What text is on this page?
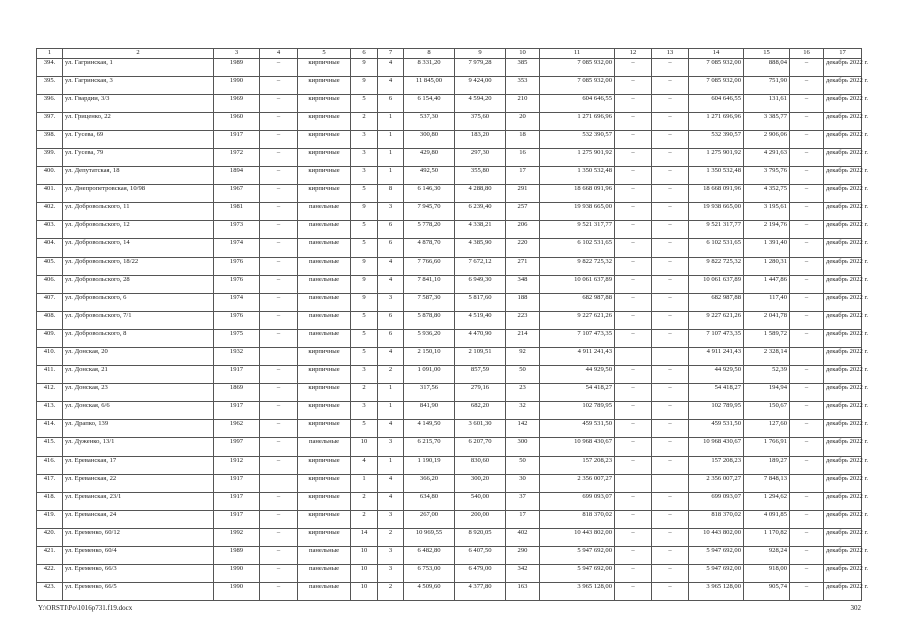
1	2	3	4	5	6	7	8	9	10	11	12	13	14	15	16	17
394.	ул. Гагринская, 1	1989	–	кирпичные	9	4	8 331,20	7 979,28	385	7 085 932,00	–	–	7 085 932,00	888,04	–	декабрь 2022 г.
395.	ул. Гагринская, 3	1990	–	кирпичные	9	4	11 845,00	9 424,00	353	7 085 932,00	–	–	7 085 932,00	751,90	–	декабрь 2022 г.
396.	ул. Гвардии, 3/3	1969	–	кирпичные	5	6	6 154,40	4 594,20	210	604 646,55	–	–	604 646,55	131,61	–	декабрь 2022 г.
397.	ул. Гриценко, 22	1960	–	кирпичные	2	1	537,30	375,60	20	1 271 696,96	–	–	1 271 696,96	3 385,77	–	декабрь 2022 г.
398.	ул. Гусева, 69	1917	–	кирпичные	3	1	300,80	183,20	18	532 390,57	–	–	532 390,57	2 906,06	–	декабрь 2022 г.
399.	ул. Гусева, 79	1972	–	кирпичные	3	1	429,80	297,30	16	1 275 901,92	–	–	1 275 901,92	4 291,63	–	декабрь 2022 г.
400.	ул. Депутатская, 18	1894	–	кирпичные	3	1	492,50	355,80	17	1 350 532,48	–	–	1 350 532,48	3 795,76	–	декабрь 2022 г.
401.	ул. Днепропетровская, 10/98	1967	–	кирпичные	5	8	6 146,30	4 288,80	291	18 668 091,96	–	–	18 668 091,96	4 352,75	–	декабрь 2022 г.
402.	ул. Добровольского, 11	1981	–	панельные	9	3	7 945,70	6 239,40	257	19 938 665,00	–	–	19 938 665,00	3 195,61	–	декабрь 2022 г.
403.	ул. Добровольского, 12	1973	–	панельные	5	6	5 778,20	4 338,21	206	9 521 317,77	–	–	9 521 317,77	2 194,76	–	декабрь 2022 г.
404.	ул. Добровольского, 14	1974	–	панельные	5	6	4 878,70	4 385,90	220	6 102 531,65	–	–	6 102 531,65	1 391,40	–	декабрь 2022 г.
405.	ул. Добровольского, 18/22	1976	–	панельные	9	4	7 766,60	7 672,12	271	9 822 725,32	–	–	9 822 725,32	1 280,31	–	декабрь 2022 г.
406.	ул. Добровольского, 28	1976	–	панельные	9	4	7 841,10	6 949,30	348	10 061 637,89	–	–	10 061 637,89	1 447,86	–	декабрь 2022 г.
407.	ул. Добровольского, 6	1974	–	панельные	9	3	7 587,30	5 817,60	188	682 987,88	–	–	682 987,88	117,40	–	декабрь 2022 г.
408.	ул. Добровольского, 7/1	1976	–	панельные	5	6	5 878,80	4 519,40	223	9 227 621,26	–	–	9 227 621,26	2 041,78	–	декабрь 2022 г.
409.	ул. Добровольского, 8	1975	–	панельные	5	6	5 936,20	4 470,90	214	7 107 473,35	–	–	7 107 473,35	1 589,72	–	декабрь 2022 г.
410.	ул. Донская, 20	1932		кирпичные	5	4	2 150,10	2 109,51	92	4 911 241,43			4 911 241,43	2 328,14		декабрь 2022 г.
411.	ул. Донская, 21	1917	–	кирпичные	3	2	1 091,00	857,59	50	44 929,50	–	–	44 929,50	52,39	–	декабрь 2022 г.
412.	ул. Донская, 23	1869	–	кирпичные	2	1	317,56	279,16	23	54 418,27	–	–	54 418,27	194,94	–	декабрь 2022 г.
413.	ул. Донская, 6/6	1917	–	кирпичные	3	1	841,90	682,20	32	102 789,95	–	–	102 789,95	150,67	–	декабрь 2022 г.
414.	ул. Драпко, 139	1962	–	кирпичные	5	4	4 149,50	3 601,30	142	459 531,50	–	–	459 531,50	127,60	–	декабрь 2022 г.
415.	ул. Дуженко, 13/1	1997	–	панельные	10	3	6 215,70	6 207,70	300	10 968 430,67	–	–	10 968 430,67	1 766,91	–	декабрь 2022 г.
416.	ул. Ереванская, 17	1912	–	кирпичные	4	1	1 190,19	830,60	50	157 208,23	–	–	157 208,23	189,27	–	декабрь 2022 г.
417.	ул. Ереванская, 22	1917		кирпичные	1	4	366,20	300,20	30	2 356 007,27			2 356 007,27	7 848,13		декабрь 2022 г.
418.	ул. Ереванская, 23/1	1917	–	кирпичные	2	4	634,80	540,00	37	699 093,07	–	–	699 093,07	1 294,62	–	декабрь 2022 г.
419.	ул. Ереванская, 24	1917	–	кирпичные	2	3	267,00	200,00	17	818 370,02	–	–	818 370,02	4 091,85	–	декабрь 2022 г.
420.	ул. Еременко, 60/12	1992	–	кирпичные	14	2	10 969,55	8 920,05	402	10 443 802,00	–	–	10 443 802,00	1 170,82	–	декабрь 2022 г.
421.	ул. Еременко, 60/4	1989	–	панельные	10	3	6 482,80	6 407,50	290	5 947 692,00	–	–	5 947 692,00	928,24	–	декабрь 2022 г.
422.	ул. Еременко, 66/3	1990	–	панельные	10	3	6 753,00	6 479,00	342	5 947 692,00	–	–	5 947 692,00	918,00	–	декабрь 2022 г.
423.	ул. Еременко, 66/5	1990	–	панельные	10	2	4 509,60	4 377,80	163	3 965 128,00	–	–	3 965 128,00	905,74	–	декабрь 2022 г.
Y:\ORSTI\Po\1016p731.f19.docx	302
